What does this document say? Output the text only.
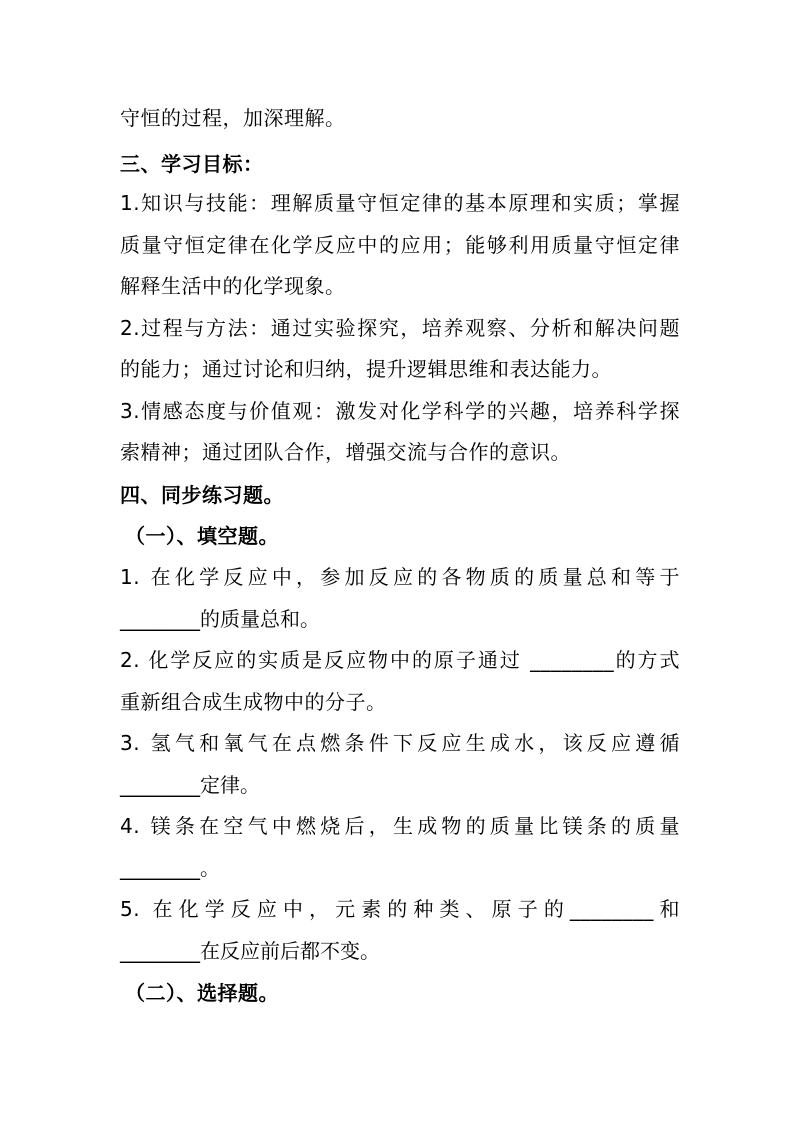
守恒的过程，加深理解。
三、学习目标：
1.知识与技能：理解质量守恒定律的基本原理和实质；掌握
质量守恒定律在化学反应中的应用；能够利用质量守恒定律
解释生活中的化学现象。
2.过程与方法：通过实验探究，培养观察、分析和解决问题
的能力；通过讨论和归纳，提升逻辑思维和表达能力。
3.情感态度与价值观：激发对化学科学的兴趣，培养科学探
索精神；通过团队合作，增强交流与合作的意识。
四、同步练习题。
（一）、填空题。
1. 在化学反应中，参加反应的各物质的质量总和等于
________的质量总和。
2. 化学反应的实质是反应物中的原子通过 ________的方式
重新组合成生成物中的分子。
3. 氢气和氧气在点燃条件下反应生成水，该反应遵循
________定律。
4. 镁条在空气中燃烧后，生成物的质量比镁条的质量
________。
5. 在化学反应中，元素的种类、原子的________和
________在反应前后都不变。
（二）、选择题。
